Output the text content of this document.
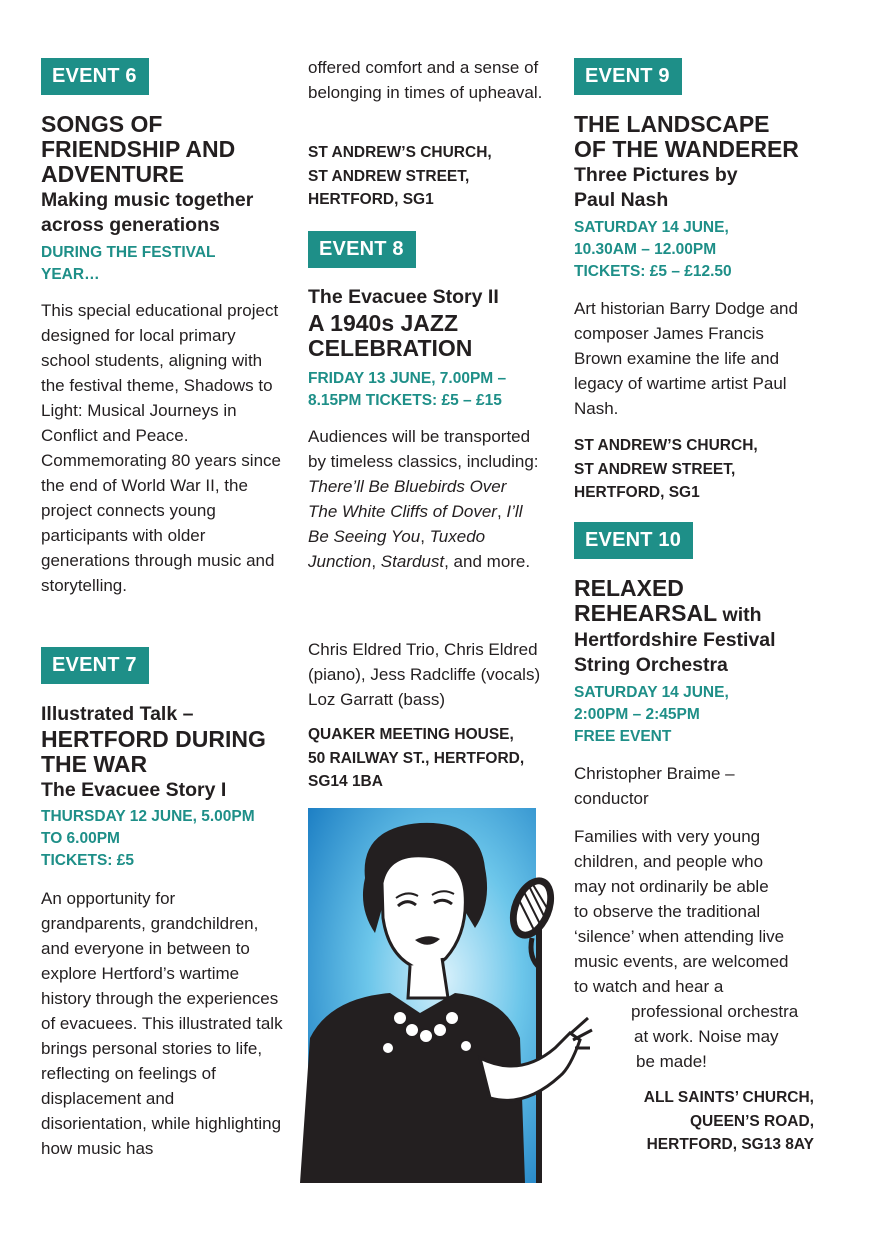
EVENT 6
SONGS OF
FRIENDSHIP AND
ADVENTURE
Making music together
across generations
DURING THE FESTIVAL
YEAR…
This special educational project designed for local primary school students, aligning with the festival theme, Shadows to Light: Musical Journeys in Conflict and Peace. Commemorating 80 years since the end of World War II, the project connects young participants with older generations through music and storytelling.
EVENT 7
Illustrated Talk –
HERTFORD DURING
THE WAR
The Evacuee Story I
THURSDAY 12 JUNE, 5.00PM
TO 6.00PM
TICKETS: £5
An opportunity for grandparents, grandchildren, and everyone in between to explore Hertford’s wartime history through the experiences of evacuees. This illustrated talk brings personal stories to life, reflecting on feelings of displacement and disorientation, while highlighting how music has
offered comfort and a sense of belonging in times of upheaval.
ST ANDREW’S CHURCH,
ST ANDREW STREET,
HERTFORD, SG1
EVENT 8
The Evacuee Story II
A 1940s JAZZ
CELEBRATION
FRIDAY 13 JUNE, 7.00PM –
8.15PM TICKETS: £5 – £15
Audiences will be transported by timeless classics, including: There’ll Be Bluebirds Over The White Cliffs of Dover, I’ll Be Seeing You, Tuxedo Junction, Stardust, and more.
Chris Eldred Trio, Chris Eldred (piano), Jess Radcliffe (vocals) Loz Garratt (bass)
QUAKER MEETING HOUSE,
50 RAILWAY ST., HERTFORD,
SG14 1BA
EVENT 9
THE LANDSCAPE
OF THE WANDERER
Three Pictures by
Paul Nash
SATURDAY 14 JUNE,
10.30AM – 12.00PM
TICKETS: £5 – £12.50
Art historian Barry Dodge and composer James Francis Brown examine the life and legacy of wartime artist Paul Nash.
ST ANDREW’S CHURCH,
ST ANDREW STREET,
HERTFORD, SG1
EVENT 10
RELAXED
REHEARSAL with
Hertfordshire Festival
String Orchestra
SATURDAY 14 JUNE,
2:00PM – 2:45PM
FREE EVENT
Christopher Braime – conductor
Families with very young
children, and people who
may not ordinarily be able
to observe the traditional
‘silence’ when attending live
music events, are welcomed
to watch and hear a
professional orchestra
at work. Noise may
be made!
ALL SAINTS’ CHURCH,
QUEEN’S ROAD,
HERTFORD, SG13 8AY
